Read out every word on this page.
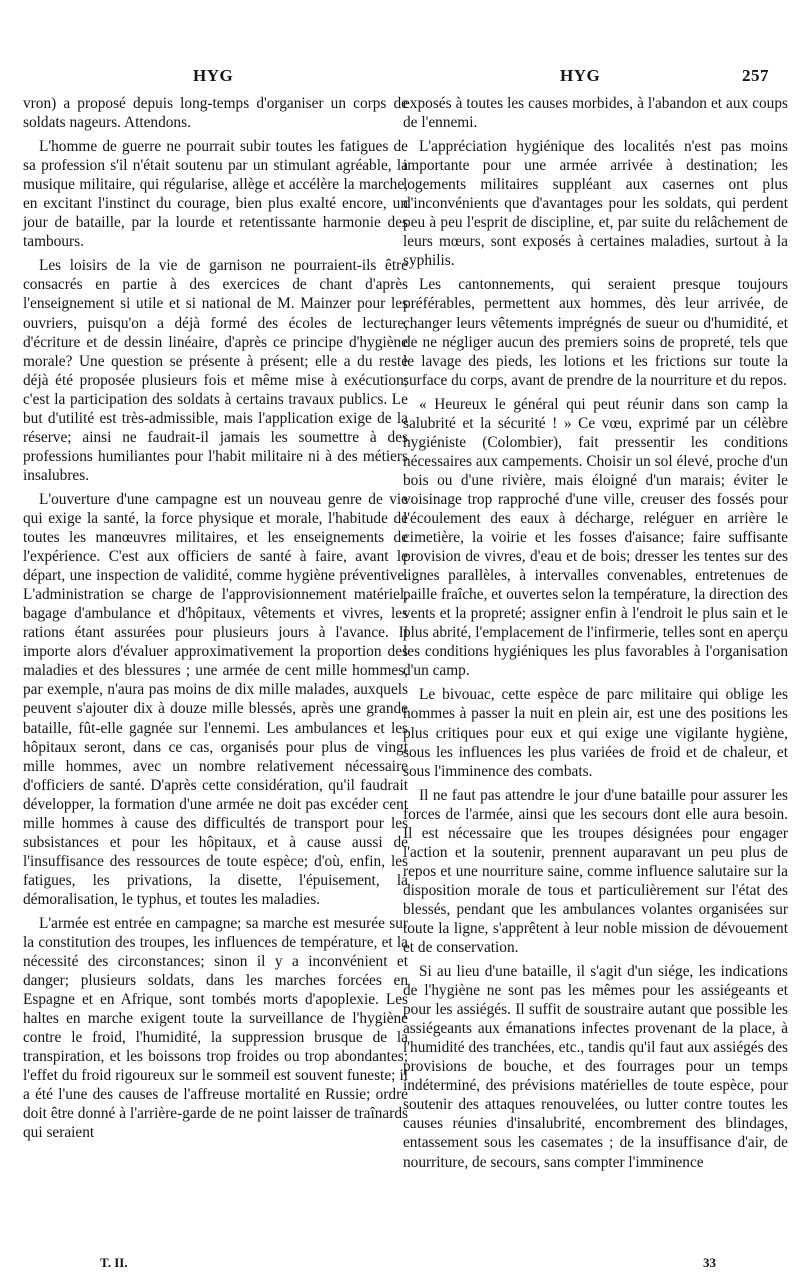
HYG	HYG	257

vron) a proposé depuis long-temps d'organiser un corps de soldats nageurs. Attendons.

L'homme de guerre ne pourrait subir toutes les fatigues de sa profession s'il n'était soutenu par un stimulant agréable, la musique militaire, qui régularise, allège et accélère la marche, en excitant l'instinct du courage, bien plus exalté encore, un jour de bataille, par la lourde et retentissante harmonie des tambours.

Les loisirs de la vie de garnison ne pourraient-ils être consacrés en partie à des exercices de chant d'après l'enseignement si utile et si national de M. Mainzer pour les ouvriers, puisqu'on a déjà formé des écoles de lecture, d'écriture et de dessin linéaire, d'après ce principe d'hygiène morale? Une question se présente à présent; elle a du reste déjà été proposée plusieurs fois et même mise à exécution; c'est la participation des soldats à certains travaux publics. Le but d'utilité est très-admissible, mais l'application exige de la réserve; ainsi ne faudrait-il jamais les soumettre à des professions humiliantes pour l'habit militaire ni à des métiers insalubres.

L'ouverture d'une campagne est un nouveau genre de vie qui exige la santé, la force physique et morale, l'habitude de toutes les manœuvres militaires, et les enseignements de l'expérience. C'est aux officiers de santé à faire, avant le départ, une inspection de validité, comme hygiène préventive. L'administration se charge de l'approvisionnement matériel, bagage d'ambulance et d'hôpitaux, vêtements et vivres, les rations étant assurées pour plusieurs jours à l'avance. Il importe alors d'évaluer approximativement la proportion des maladies et des blessures ; une armée de cent mille hommes, par exemple, n'aura pas moins de dix mille malades, auxquels peuvent s'ajouter dix à douze mille blessés, après une grande bataille, fût-elle gagnée sur l'ennemi. Les ambulances et les hôpitaux seront, dans ce cas, organisés pour plus de vingt mille hommes, avec un nombre relativement nécessaire d'officiers de santé. D'après cette considération, qu'il faudrait développer, la formation d'une armée ne doit pas excéder cent mille hommes à cause des difficultés de transport pour les subsistances et pour les hôpitaux, et à cause aussi de l'insuffisance des ressources de toute espèce; d'où, enfin, les fatigues, les privations, la disette, l'épuisement, la démoralisation, le typhus, et toutes les maladies.

L'armée est entrée en campagne; sa marche est mesurée sur la constitution des troupes, les influences de température, et la nécessité des circonstances; sinon il y a inconvénient et danger; plusieurs soldats, dans les marches forcées en Espagne et en Afrique, sont tombés morts d'apoplexie. Les haltes en marche exigent toute la surveillance de l'hygiène contre le froid, l'humidité, la suppression brusque de la transpiration, et les boissons trop froides ou trop abondantes; l'effet du froid rigoureux sur le sommeil est souvent funeste; il a été l'une des causes de l'affreuse mortalité en Russie; ordre doit être donné à l'arrière-garde de ne point laisser de traînards qui seraient

exposés à toutes les causes morbides, à l'abandon et aux coups de l'ennemi.

L'appréciation hygiénique des localités n'est pas moins importante pour une armée arrivée à destination; les logements militaires suppléant aux casernes ont plus d'inconvénients que d'avantages pour les soldats, qui perdent peu à peu l'esprit de discipline, et, par suite du relâchement de leurs mœurs, sont exposés à certaines maladies, surtout à la syphilis.

Les cantonnements, qui seraient presque toujours préférables, permettent aux hommes, dès leur arrivée, de changer leurs vêtements imprégnés de sueur ou d'humidité, et de ne négliger aucun des premiers soins de propreté, tels que le lavage des pieds, les lotions et les frictions sur toute la surface du corps, avant de prendre de la nourriture et du repos.

« Heureux le général qui peut réunir dans son camp la salubrité et la sécurité ! » Ce vœu, exprimé par un célèbre hygiéniste (Colombier), fait pressentir les conditions nécessaires aux campements. Choisir un sol élevé, proche d'un bois ou d'une rivière, mais éloigné d'un marais; éviter le voisinage trop rapproché d'une ville, creuser des fossés pour l'écoulement des eaux à décharge, reléguer en arrière le cimetière, la voirie et les fosses d'aisance; faire suffisante provision de vivres, d'eau et de bois; dresser les tentes sur des lignes parallèles, à intervalles convenables, entretenues de paille fraîche, et ouvertes selon la température, la direction des vents et la propreté; assigner enfin à l'endroit le plus sain et le plus abrité, l'emplacement de l'infirmerie, telles sont en aperçu les conditions hygiéniques les plus favorables à l'organisation d'un camp.

Le bivouac, cette espèce de parc militaire qui oblige les hommes à passer la nuit en plein air, est une des positions les plus critiques pour eux et qui exige une vigilante hygiène, sous les influences les plus variées de froid et de chaleur, et sous l'imminence des combats.

Il ne faut pas attendre le jour d'une bataille pour assurer les forces de l'armée, ainsi que les secours dont elle aura besoin. Il est nécessaire que les troupes désignées pour engager l'action et la soutenir, prennent auparavant un peu plus de repos et une nourriture saine, comme influence salutaire sur la disposition morale de tous et particulièrement sur l'état des blessés, pendant que les ambulances volantes organisées sur toute la ligne, s'apprêtent à leur noble mission de dévouement et de conservation.

Si au lieu d'une bataille, il s'agit d'un siége, les indications de l'hygiène ne sont pas les mêmes pour les assiégeants et pour les assiégés. Il suffit de soustraire autant que possible les assiégeants aux émanations infectes provenant de la place, à l'humidité des tranchées, etc., tandis qu'il faut aux assiégés des provisions de bouche, et des fourrages pour un temps indéterminé, des prévisions matérielles de toute espèce, pour soutenir des attaques renouvelées, ou lutter contre toutes les causes réunies d'insalubrité, encombrement des blindages, entassement sous les casemates ; de la insuffisance d'air, de nourriture, de secours, sans compter l'imminence

T. II.	33
